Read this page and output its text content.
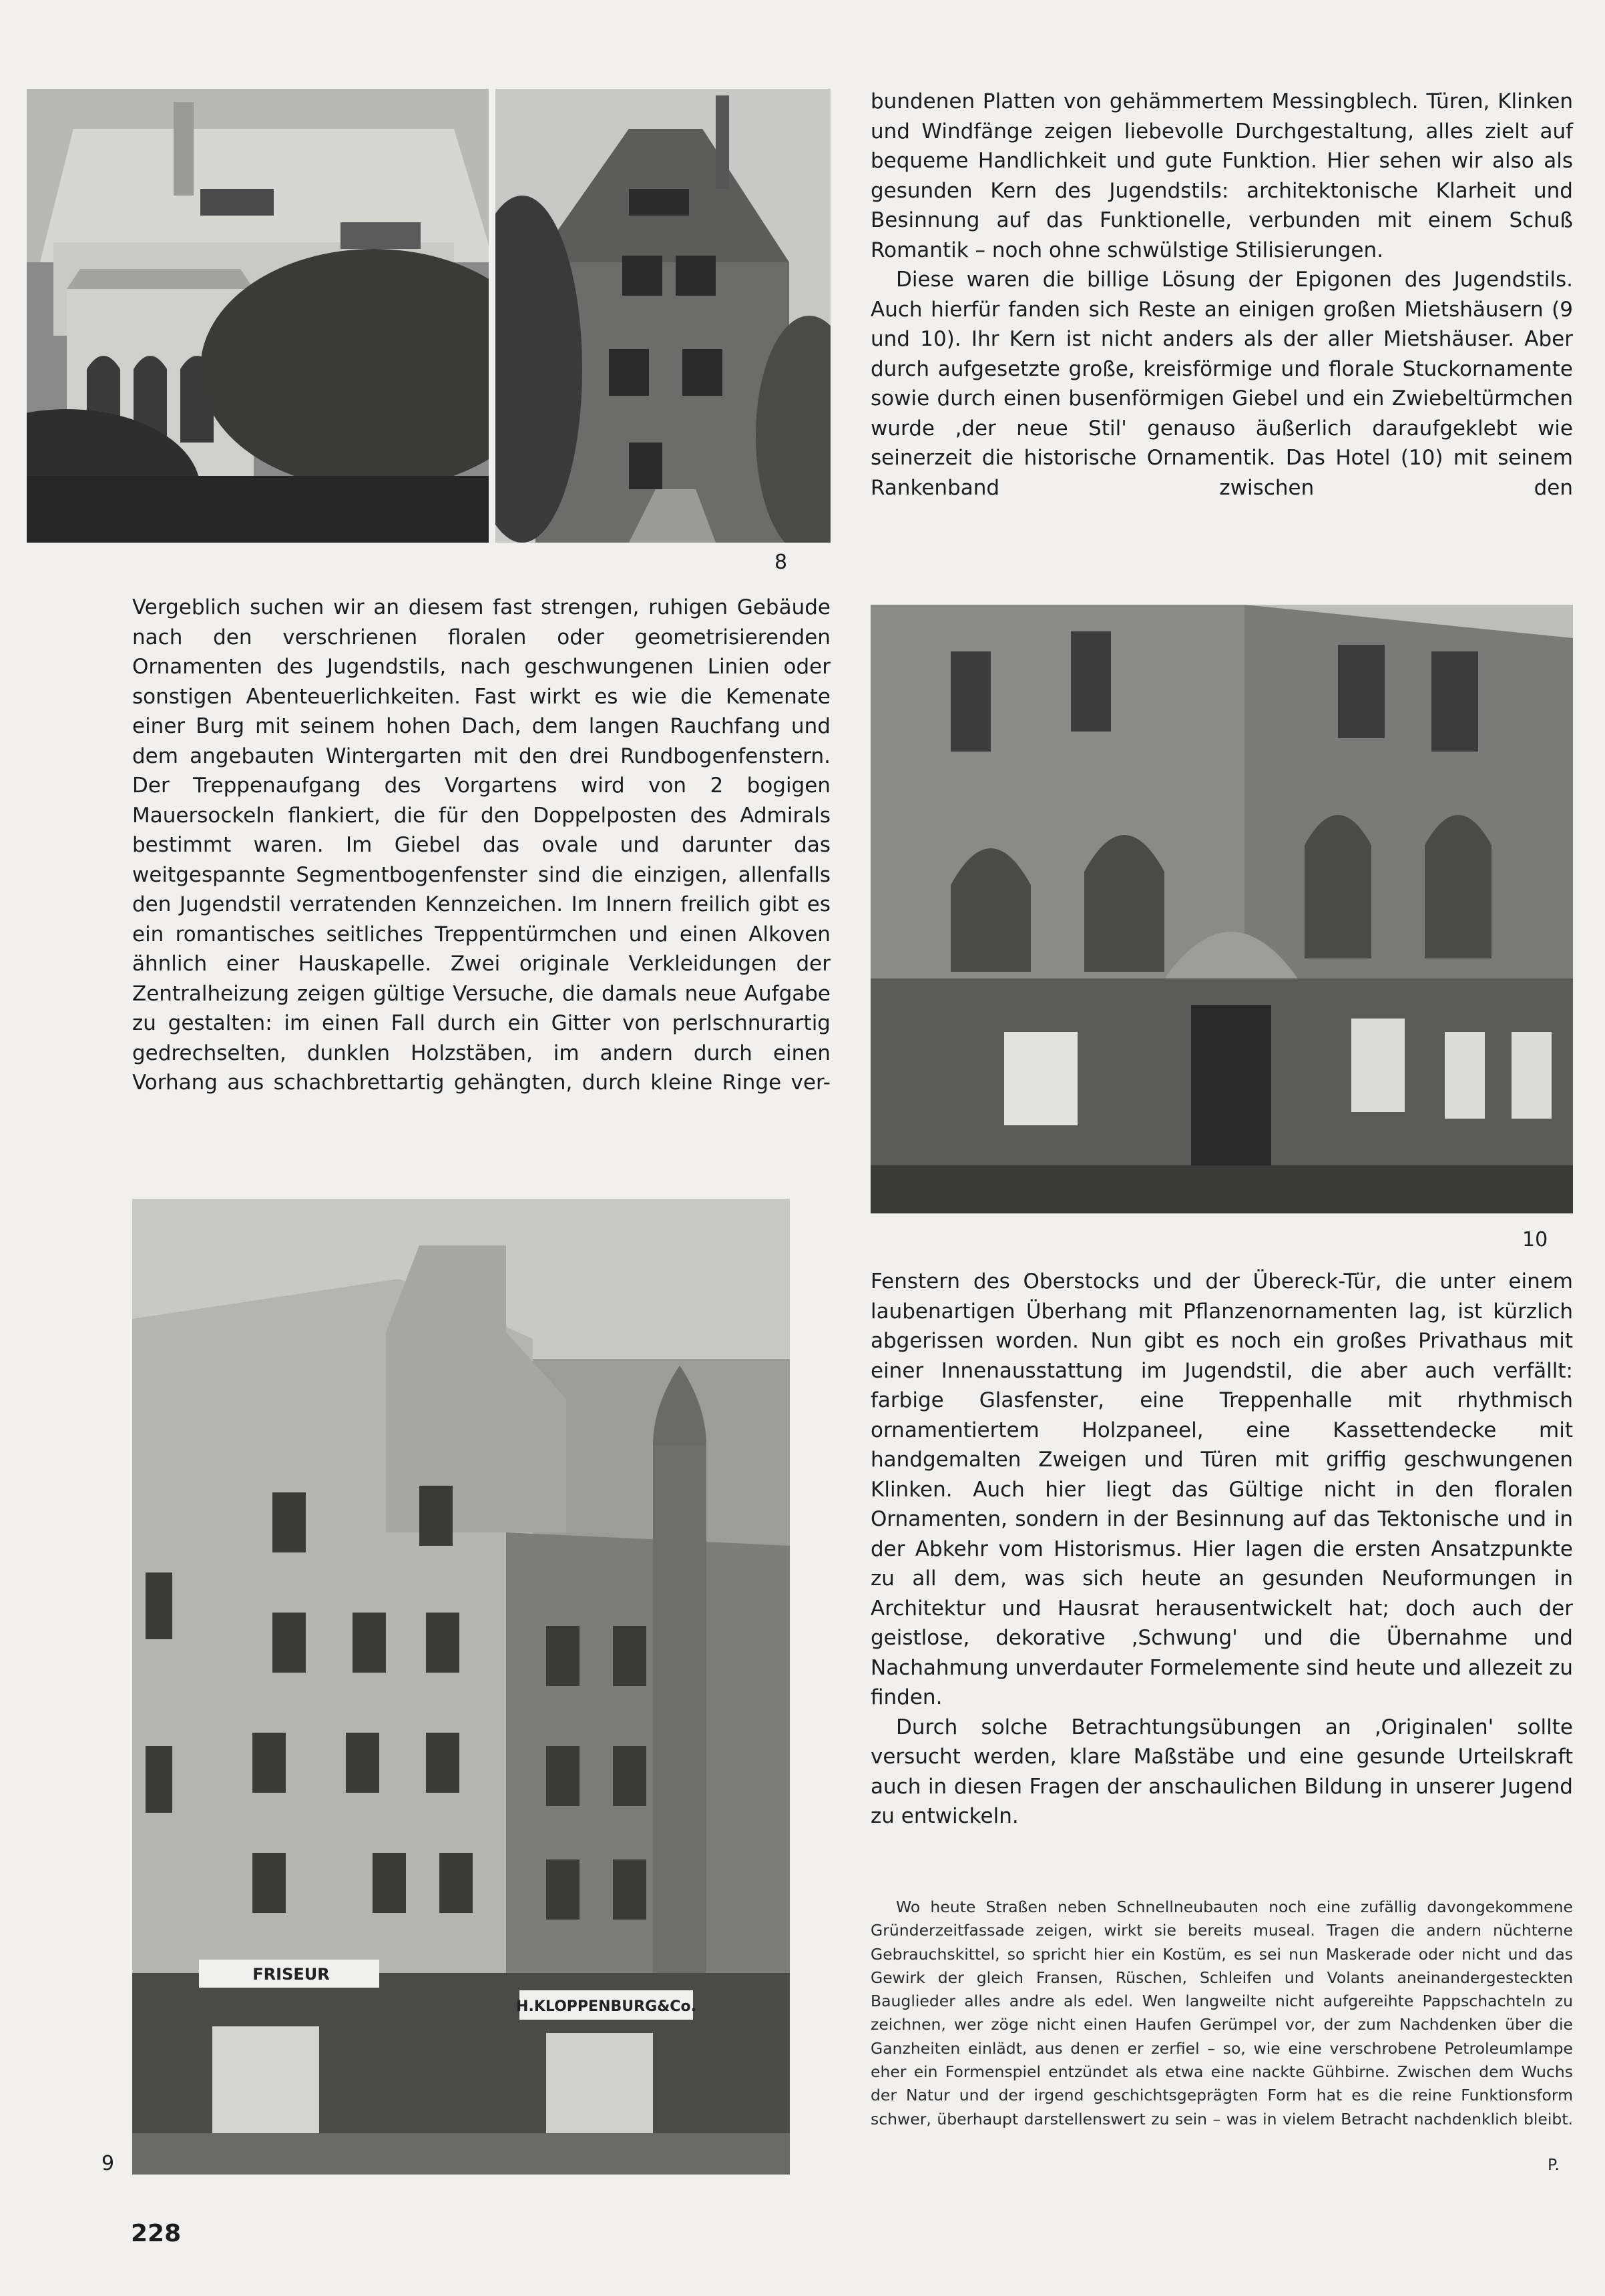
8

bundenen Platten von gehämmertem Messingblech. Türen, Klinken und Windfänge zeigen liebevolle Durchgestaltung, alles zielt auf bequeme Handlichkeit und gute Funktion. Hier sehen wir also als gesunden Kern des Jugendstils: architektonische Klarheit und Besinnung auf das Funktionelle, verbunden mit einem Schuß Romantik – noch ohne schwülstige Stilisierungen.

Diese waren die billige Lösung der Epigonen des Jugendstils. Auch hierfür fanden sich Reste an einigen großen Mietshäusern (9 und 10). Ihr Kern ist nicht anders als der aller Mietshäuser. Aber durch aufgesetzte große, kreisförmige und florale Stuckornamente sowie durch einen busenförmigen Giebel und ein Zwiebeltürmchen wurde ‚der neue Stil' genauso äußerlich daraufgeklebt wie seinerzeit die historische Ornamentik. Das Hotel (10) mit seinem Rankenband zwischen den

Vergeblich suchen wir an diesem fast strengen, ruhigen Gebäude nach den verschrienen floralen oder geometrisierenden Ornamenten des Jugendstils, nach geschwungenen Linien oder sonstigen Abenteuerlichkeiten. Fast wirkt es wie die Kemenate einer Burg mit seinem hohen Dach, dem langen Rauchfang und dem angebauten Wintergarten mit den drei Rundbogenfenstern. Der Treppenaufgang des Vorgartens wird von 2 bogigen Mauersockeln flankiert, die für den Doppelposten des Admirals bestimmt waren. Im Giebel das ovale und darunter das weitgespannte Segmentbogenfenster sind die einzigen, allenfalls den Jugendstil verratenden Kennzeichen. Im Innern freilich gibt es ein romantisches seitliches Treppentürmchen und einen Alkoven ähnlich einer Hauskapelle. Zwei originale Verkleidungen der Zentralheizung zeigen gültige Versuche, die damals neue Aufgabe zu gestalten: im einen Fall durch ein Gitter von perlschnurartig gedrechselten, dunklen Holzstäben, im andern durch einen Vorhang aus schachbrettartig gehängten, durch kleine Ringe ver-

10
FRISEUR
H.KLOPPENBURG&Co.
9

Fenstern des Oberstocks und der Übereck-Tür, die unter einem laubenartigen Überhang mit Pflanzenornamenten lag, ist kürzlich abgerissen worden. Nun gibt es noch ein großes Privathaus mit einer Innenausstattung im Jugendstil, die aber auch verfällt: farbige Glasfenster, eine Treppenhalle mit rhythmisch ornamentiertem Holzpaneel, eine Kassettendecke mit handgemalten Zweigen und Türen mit griffig geschwungenen Klinken. Auch hier liegt das Gültige nicht in den floralen Ornamenten, sondern in der Besinnung auf das Tektonische und in der Abkehr vom Historismus. Hier lagen die ersten Ansatzpunkte zu all dem, was sich heute an gesunden Neuformungen in Architektur und Hausrat herausentwickelt hat; doch auch der geistlose, dekorative ‚Schwung' und die Übernahme und Nachahmung unverdauter Formelemente sind heute und allezeit zu finden.

Durch solche Betrachtungsübungen an ‚Originalen' sollte versucht werden, klare Maßstäbe und eine gesunde Urteilskraft auch in diesen Fragen der anschaulichen Bildung in unserer Jugend zu entwickeln.

Wo heute Straßen neben Schnellneubauten noch eine zufällig davongekommene Gründerzeitfassade zeigen, wirkt sie bereits museal. Tragen die andern nüchterne Gebrauchskittel, so spricht hier ein Kostüm, es sei nun Maskerade oder nicht und das Gewirk der gleich Fransen, Rüschen, Schleifen und Volants aneinandergesteckten Bauglieder alles andre als edel. Wen langweilte nicht aufgereihte Pappschachteln zu zeichnen, wer zöge nicht einen Haufen Gerümpel vor, der zum Nachdenken über die Ganzheiten einlädt, aus denen er zerfiel – so, wie eine verschrobene Petroleumlampe eher ein Formenspiel entzündet als etwa eine nackte Gühbirne. Zwischen dem Wuchs der Natur und der irgend geschichtsgeprägten Form hat es die reine Funktionsform schwer, überhaupt darstellenswert zu sein – was in vielem Betracht nachdenklich bleibt.

P.
228
